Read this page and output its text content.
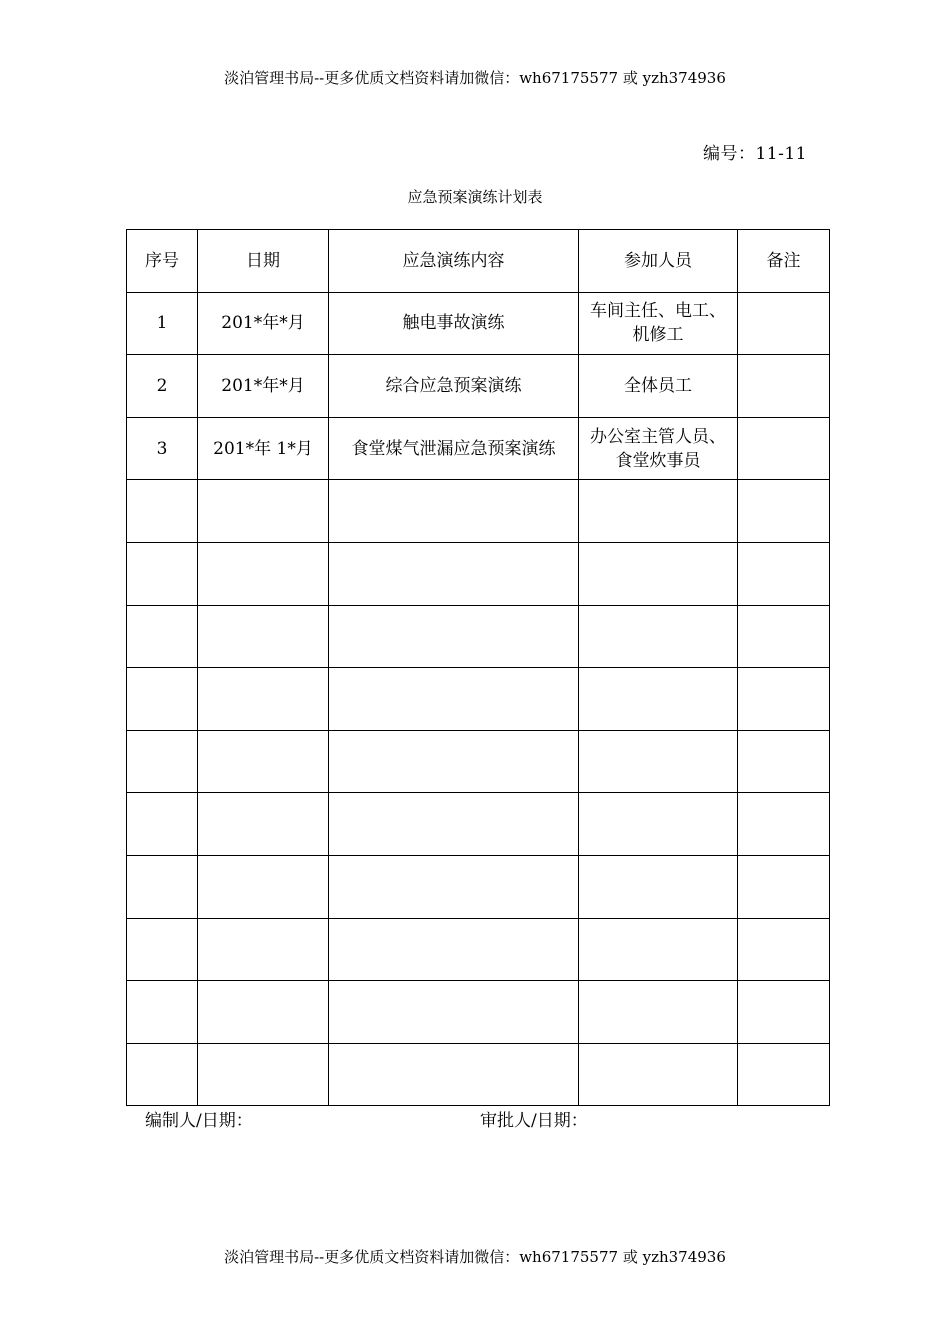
淡泊管理书局--更多优质文档资料请加微信：wh67175577 或 yzh374936
编号：11-11
应急预案演练计划表
序号	日期	应急演练内容	参加人员	备注
1	201*年*月	触电事故演练	车间主任、电工、机修工	
2	201*年*月	综合应急预案演练	全体员工	
3	201*年 1*月	食堂煤气泄漏应急预案演练	办公室主管人员、食堂炊事员	

编制人/日期：	审批人/日期：
淡泊管理书局--更多优质文档资料请加微信：wh67175577 或 yzh374936
